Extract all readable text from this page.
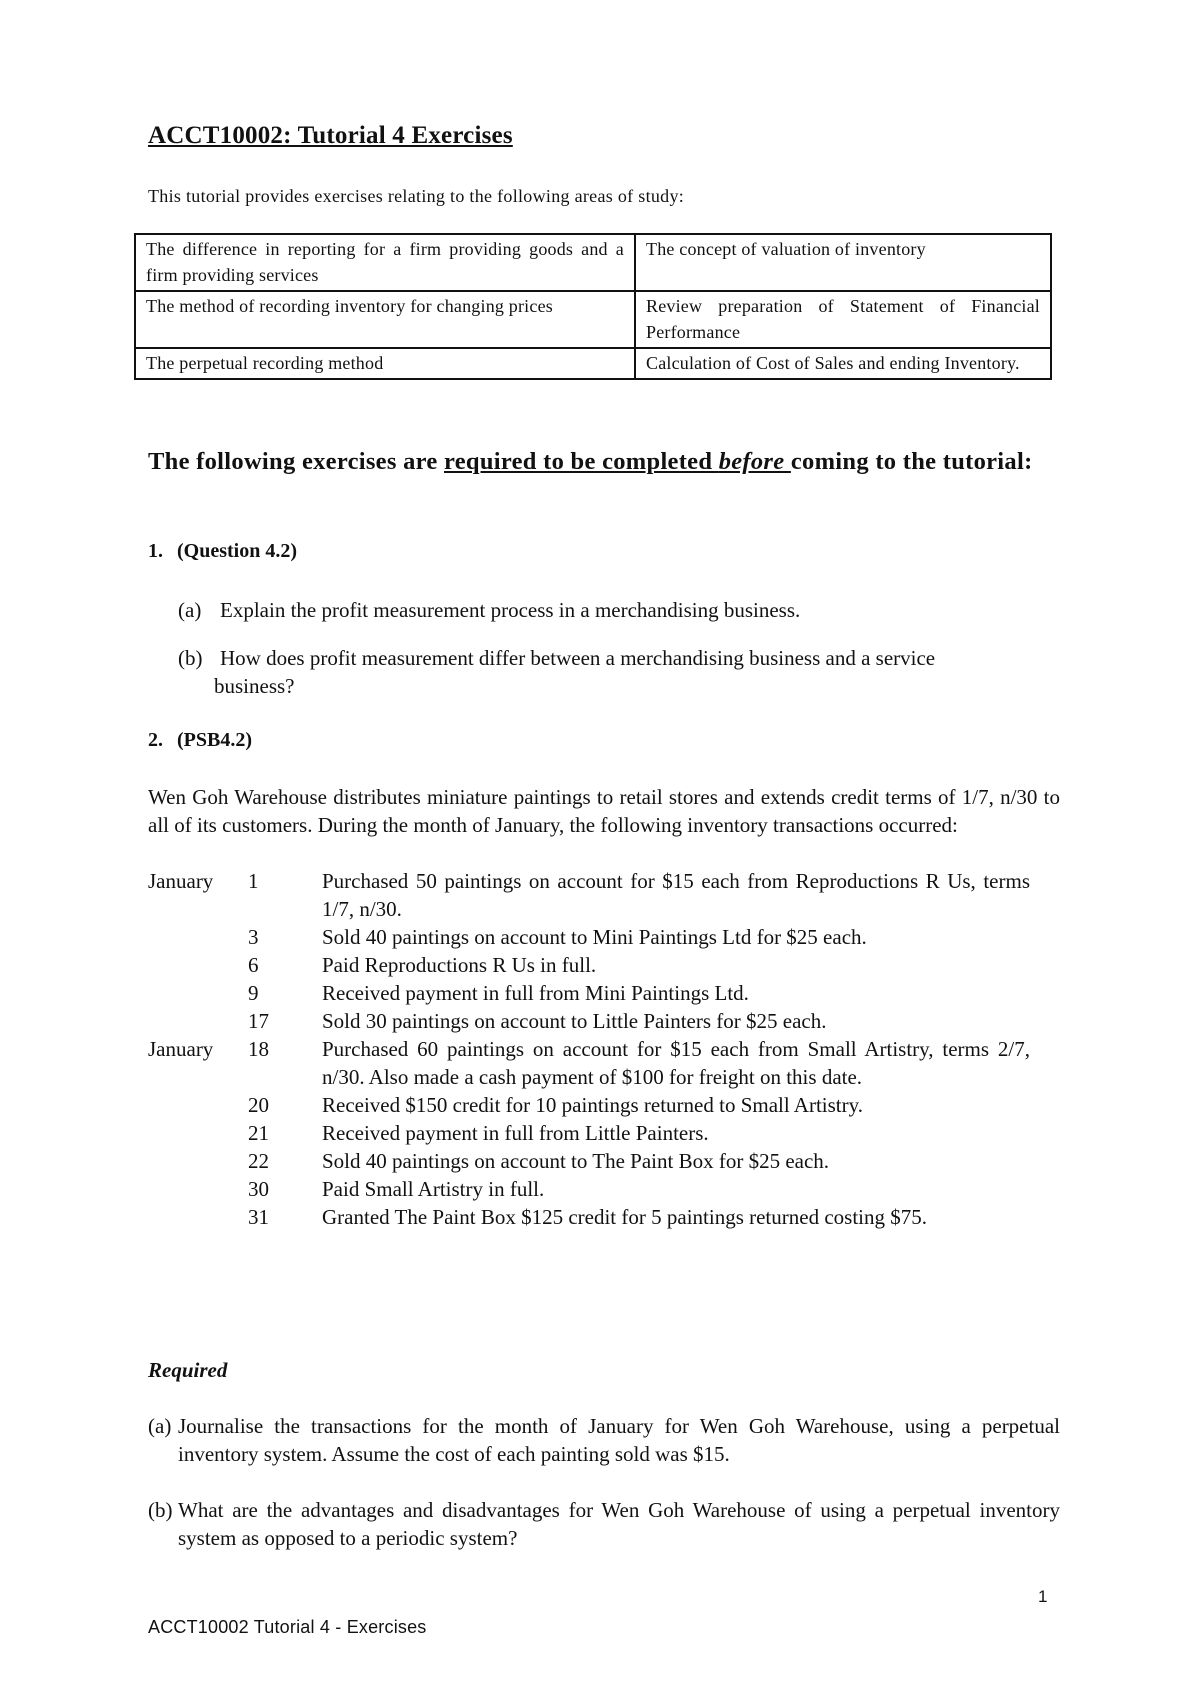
ACCT10002: Tutorial 4 Exercises

This tutorial provides exercises relating to the following areas of study:

The difference in reporting for a firm providing goods and a firm providing services	The concept of valuation of inventory
The method of recording inventory for changing prices	Review preparation of Statement of Financial Performance
The perpetual recording method	Calculation of Cost of Sales and ending Inventory.
The following exercises are required to be completed before coming to the tutorial:

1. (Question 4.2)

(a) Explain the profit measurement process in a merchandising business.

(b) How does profit measurement differ between a merchandising business and a service
business?

2. (PSB4.2)

Wen Goh Warehouse distributes miniature paintings to retail stores and extends credit terms of 1/7, n/30 to all of its customers. During the month of January, the following inventory transactions occurred:

January	1	Purchased 50 paintings on account for $15 each from Reproductions R Us, terms 1/7, n/30.
3	Sold 40 paintings on account to Mini Paintings Ltd for $25 each.
6	Paid Reproductions R Us in full.
9	Received payment in full from Mini Paintings Ltd.
17	Sold 30 paintings on account to Little Painters for $25 each.
January	18	Purchased 60 paintings on account for $15 each from Small Artistry, terms 2/7, n/30. Also made a cash payment of $100 for freight on this date.
20	Received $150 credit for 10 paintings returned to Small Artistry.
21	Received payment in full from Little Painters.
22	Sold 40 paintings on account to The Paint Box for $25 each.
30	Paid Small Artistry in full.
31	Granted The Paint Box $125 credit for 5 paintings returned costing $75.

Required

(a) Journalise the transactions for the month of January for Wen Goh Warehouse, using a perpetual inventory system. Assume the cost of each painting sold was $15.
(b) What are the advantages and disadvantages for Wen Goh Warehouse of using a perpetual inventory system as opposed to a periodic system?
1
ACCT10002 Tutorial 4 - Exercises
